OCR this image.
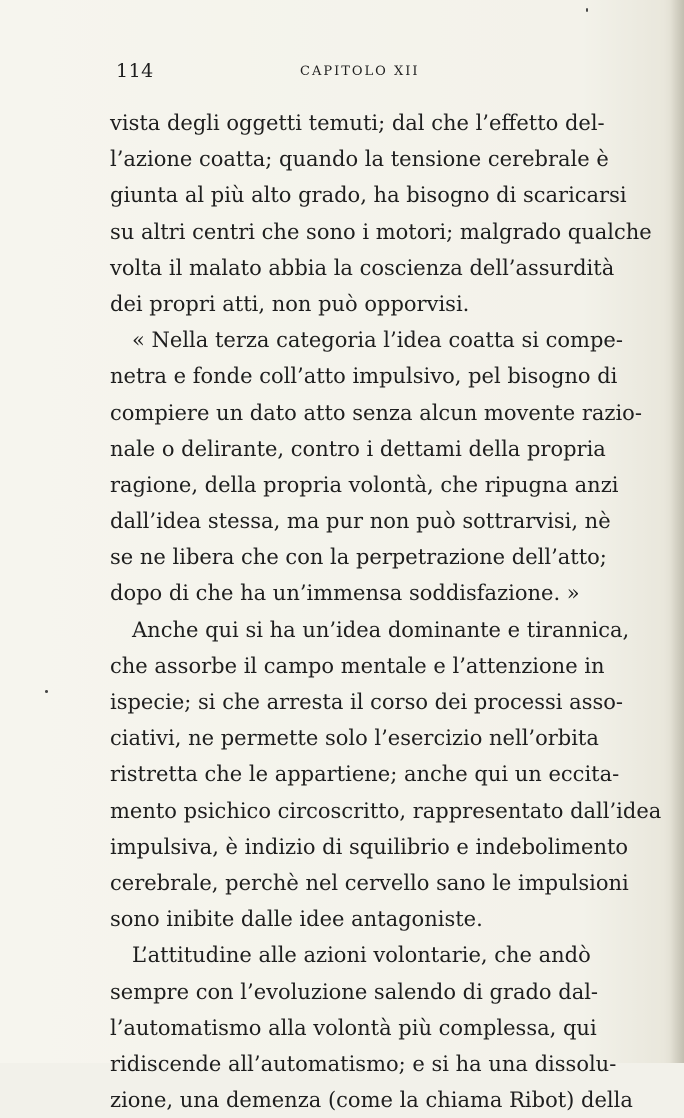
114	CAPITOLO XII
vista degli oggetti temuti; dal che l’effetto del-
l’azione coatta; quando la tensione cerebrale è
giunta al più alto grado, ha bisogno di scaricarsi
su altri centri che sono i motori; malgrado qualche
volta il malato abbia la coscienza dell’assurdità
dei propri atti, non può opporvisi.
« Nella terza categoria l’idea coatta si compe-
netra e fonde coll’atto impulsivo, pel bisogno di
compiere un dato atto senza alcun movente razio-
nale o delirante, contro i dettami della propria
ragione, della propria volontà, che ripugna anzi
dall’idea stessa, ma pur non può sottrarvisi, nè
se ne libera che con la perpetrazione dell’atto;
dopo di che ha un’immensa soddisfazione. »
Anche qui si ha un’idea dominante e tirannica,
che assorbe il campo mentale e l’attenzione in
ispecie; si che arresta il corso dei processi asso-
ciativi, ne permette solo l’esercizio nell’orbita
ristretta che le appartiene; anche qui un eccita-
mento psichico circoscritto, rappresentato dall’idea
impulsiva, è indizio di squilibrio e indebolimento
cerebrale, perchè nel cervello sano le impulsioni
sono inibite dalle idee antagoniste.
L’attitudine alle azioni volontarie, che andò
sempre con l’evoluzione salendo di grado dal-
l’automatismo alla volontà più complessa, qui
ridiscende all’automatismo; e si ha una dissolu-
zione, una demenza (come la chiama Ribot) della
